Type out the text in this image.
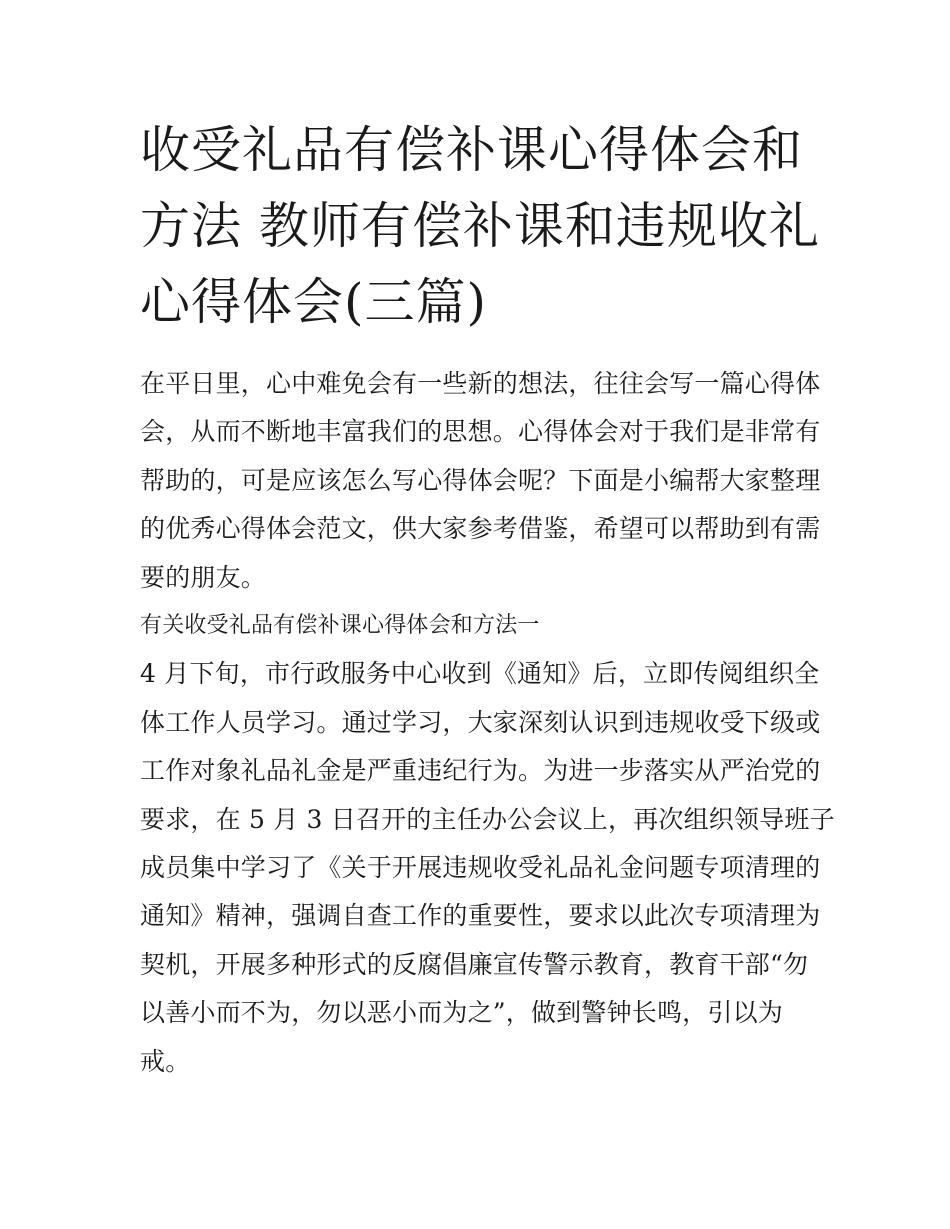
收受礼品有偿补课心得体会和
方法 教师有偿补课和违规收礼
心得体会(三篇)
在平日里，心中难免会有一些新的想法，往往会写一篇心得体
会，从而不断地丰富我们的思想。心得体会对于我们是非常有
帮助的，可是应该怎么写心得体会呢？下面是小编帮大家整理
的优秀心得体会范文，供大家参考借鉴，希望可以帮助到有需
要的朋友。
有关收受礼品有偿补课心得体会和方法一
4 月下旬，市行政服务中心收到《通知》后，立即传阅组织全
体工作人员学习。通过学习，大家深刻认识到违规收受下级或
工作对象礼品礼金是严重违纪行为。为进一步落实从严治党的
要求，在 5 月 3 日召开的主任办公会议上，再次组织领导班子
成员集中学习了《关于开展违规收受礼品礼金问题专项清理的
通知》精神，强调自查工作的重要性，要求以此次专项清理为
契机，开展多种形式的反腐倡廉宣传警示教育，教育干部“勿
以善小而不为，勿以恶小而为之”，做到警钟长鸣，引以为
戒。
